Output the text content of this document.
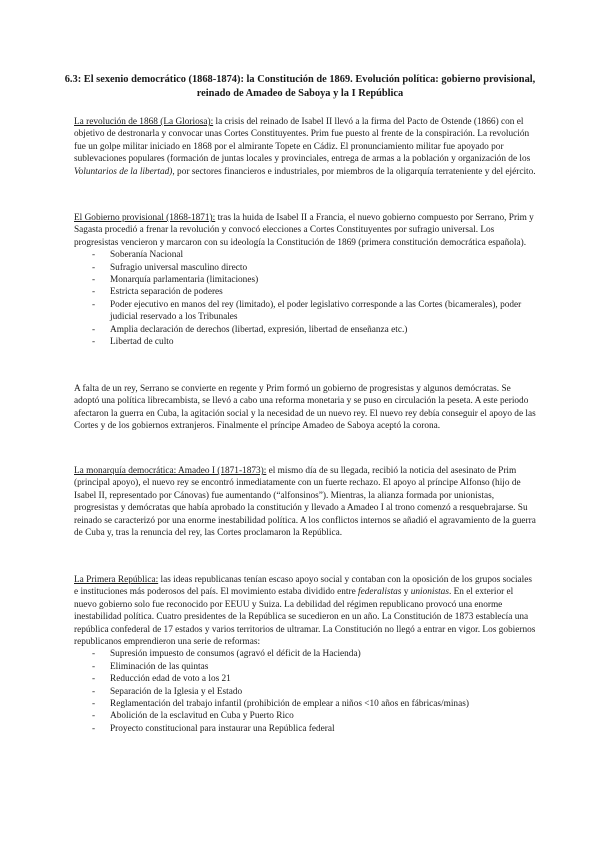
6.3: El sexenio democrático (1868-1874): la Constitución de 1869. Evolución política: gobierno provisional, reinado de Amadeo de Saboya y la I República

La revolución de 1868 (La Gloriosa): la crisis del reinado de Isabel II llevó a la firma del Pacto de Ostende (1866) con el objetivo de destronarla y convocar unas Cortes Constituyentes. Prim fue puesto al frente de la conspiración. La revolución fue un golpe militar iniciado en 1868 por el almirante Topete en Cádiz. El pronunciamiento militar fue apoyado por sublevaciones populares (formación de juntas locales y provinciales, entrega de armas a la población y organización de los Voluntarios de la libertad), por sectores financieros e industriales, por miembros de la oligarquía terrateniente y del ejército.

El Gobierno provisional (1868-1871): tras la huida de Isabel II a Francia, el nuevo gobierno compuesto por Serrano, Prim y Sagasta procedió a frenar la revolución y convocó elecciones a Cortes Constituyentes por sufragio universal. Los progresistas vencieron y marcaron con su ideología la Constitución de 1869 (primera constitución democrática española).

- Soberanía Nacional
- Sufragio universal masculino directo
- Monarquía parlamentaria (limitaciones)
- Estricta separación de poderes
- Poder ejecutivo en manos del rey (limitado), el poder legislativo corresponde a las Cortes (bicamerales), poder judicial reservado a los Tribunales
- Amplia declaración de derechos (libertad, expresión, libertad de enseñanza etc.)
- Libertad de culto

A falta de un rey, Serrano se convierte en regente y Prim formó un gobierno de progresistas y algunos demócratas. Se adoptó una política librecambista, se llevó a cabo una reforma monetaria y se puso en circulación la peseta. A este periodo afectaron la guerra en Cuba, la agitación social y la necesidad de un nuevo rey. El nuevo rey debía conseguir el apoyo de las Cortes y de los gobiernos extranjeros. Finalmente el príncipe Amadeo de Saboya aceptó la corona.

La monarquía democrática: Amadeo I (1871-1873): el mismo día de su llegada, recibió la noticia del asesinato de Prim (principal apoyo), el nuevo rey se encontró inmediatamente con un fuerte rechazo. El apoyo al príncipe Alfonso (hijo de Isabel II, representado por Cánovas) fue aumentando (“alfonsinos”). Mientras, la alianza formada por unionistas, progresistas y demócratas que había aprobado la constitución y llevado a Amadeo I al trono comenzó a resquebrajarse. Su reinado se caracterizó por una enorme inestabilidad política. A los conflictos internos se añadió el agravamiento de la guerra de Cuba y, tras la renuncia del rey, las Cortes proclamaron la República.

La Primera República: las ideas republicanas tenían escaso apoyo social y contaban con la oposición de los grupos sociales e instituciones más poderosos del país. El movimiento estaba dividido entre federalistas y unionistas. En el exterior el nuevo gobierno solo fue reconocido por EEUU y Suiza. La debilidad del régimen republicano provocó una enorme inestabilidad política. Cuatro presidentes de la República se sucedieron en un año. La Constitución de 1873 establecía una república confederal de 17 estados y varios territorios de ultramar. La Constitución no llegó a entrar en vigor. Los gobiernos republicanos emprendieron una serie de reformas:

- Supresión impuesto de consumos (agravó el déficit de la Hacienda)
- Eliminación de las quintas
- Reducción edad de voto a los 21
- Separación de la Iglesia y el Estado
- Reglamentación del trabajo infantil (prohibición de emplear a niños <10 años en fábricas/minas)
- Abolición de la esclavitud en Cuba y Puerto Rico
- Proyecto constitucional para instaurar una República federal
